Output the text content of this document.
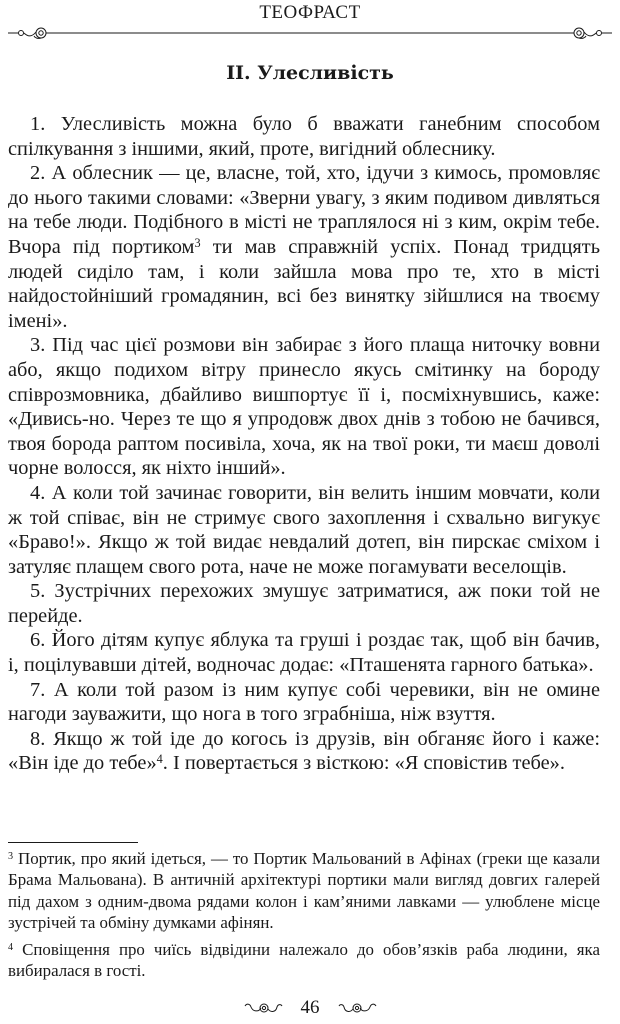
ТЕОФРАСТ
II. Улесливість

1. Улесливість можна було б вважати ганебним способом спілкування з іншими, який, проте, вигідний облеснику.

2. А облесник — це, власне, той, хто, ідучи з кимось, промовляє до нього такими словами: «Зверни увагу, з яким подивом дивляться на тебе люди. Подібного в місті не траплялося ні з ким, окрім тебе. Вчора під портиком$^3$ ти мав справжній успіх. Понад тридцять людей сиділо там, і коли зайшла мова про те, хто в місті найдостойніший громадянин, всі без винятку зійшлися на твоєму імені».

3. Під час цієї розмови він забирає з його плаща ниточку вовни або, якщо подихом вітру принесло якусь смітинку на бороду співрозмовника, дбайливо вишпортує її і, посміхнувшись, каже: «Дивись-но. Через те що я упродовж двох днів з тобою не бачився, твоя борода раптом посивіла, хоча, як на твої роки, ти маєш доволі чорне волосся, як ніхто інший».

4. А коли той зачинає говорити, він велить іншим мовчати, коли ж той співає, він не стримує свого захоплення і схвально вигукує «Браво!». Якщо ж той видає невдалий дотеп, він пирскає сміхом і затуляє плащем свого рота, наче не може погамувати веселощів.

5. Зустрічних перехожих змушує затриматися, аж поки той не перейде.

6. Його дітям купує яблука та груші і роздає так, щоб він бачив, і, поцілувавши дітей, водночас додає: «Пташенята гарного батька».

7. А коли той разом із ним купує собі черевики, він не омине нагоди зауважити, що нога в того зграбніша, ніж взуття.

8. Якщо ж той іде до когось із друзів, він обганяє його і каже: «Він іде до тебе»$^4$. І повертається з вісткою: «Я сповістив тебе».

$^3$ Портик, про який ідеться, — то Портик Мальований в Афінах (греки ще казали Брама Мальована). В античній архітектурі портики мали вигляд довгих галерей під дахом з одним-двома рядами колон і кам’яними лавками — улюблене місце зустрічей та обміну думками афінян.

$^4$ Сповіщення про чиїсь відвідини належало до обов’язків раба людини, яка вибиралася в гості.

46
